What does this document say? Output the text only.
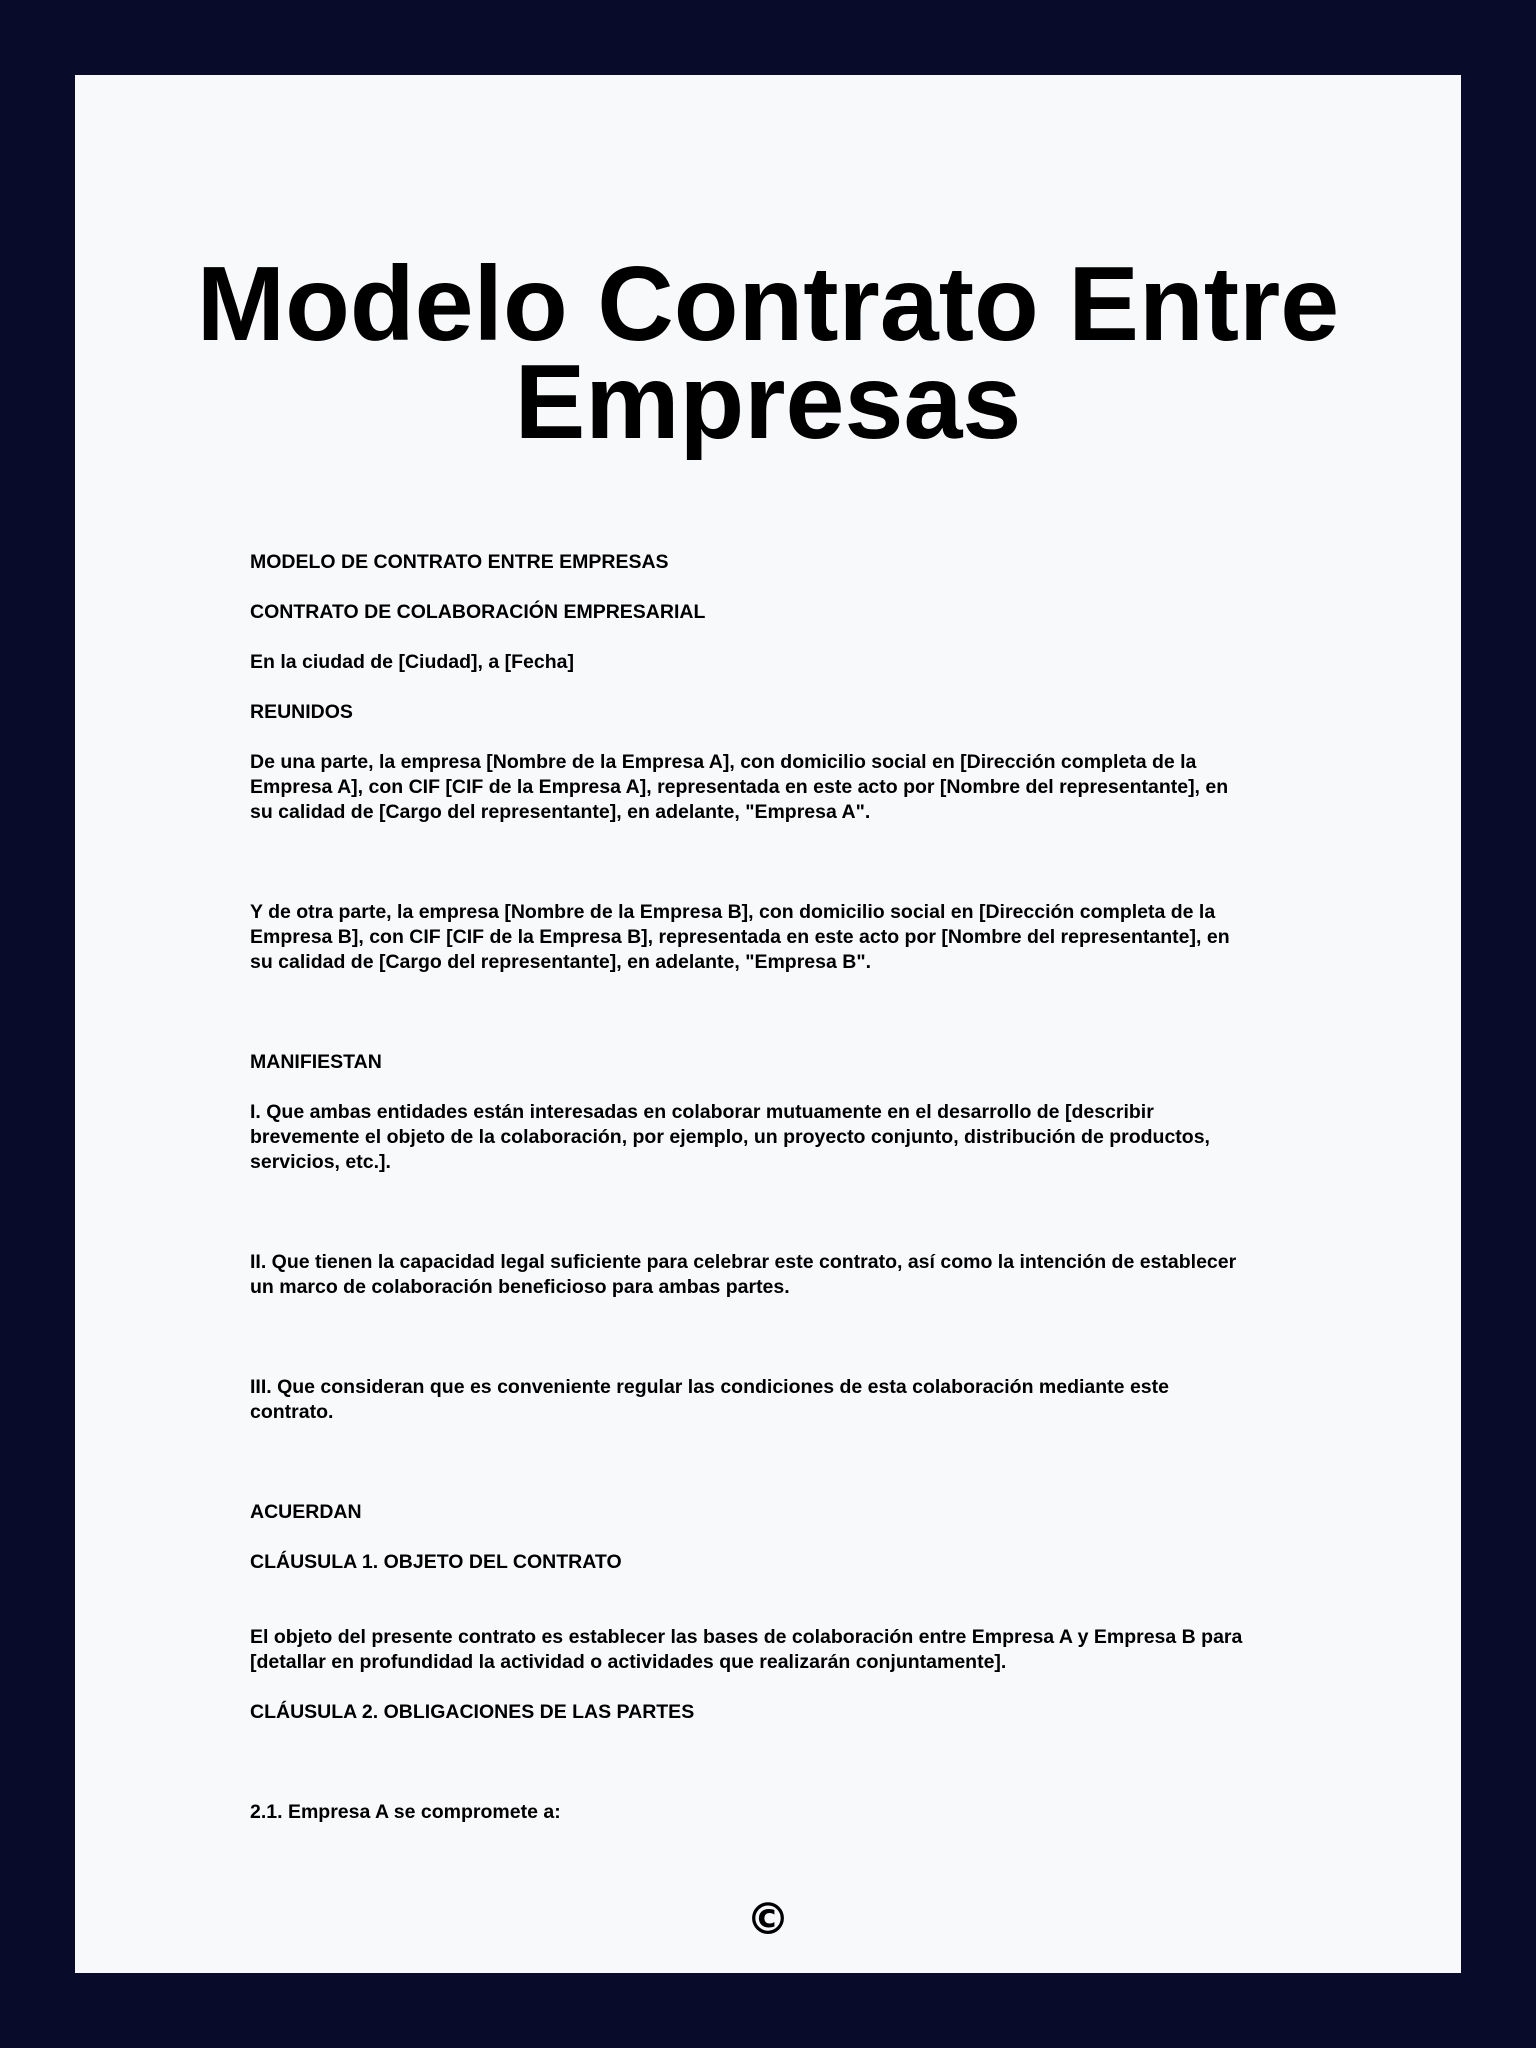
Modelo Contrato Entre
Empresas

MODELO DE CONTRATO ENTRE EMPRESAS

CONTRATO DE COLABORACIÓN EMPRESARIAL

En la ciudad de [Ciudad], a [Fecha]

REUNIDOS

De una parte, la empresa [Nombre de la Empresa A], con domicilio social en [Dirección completa de la
Empresa A], con CIF [CIF de la Empresa A], representada en este acto por [Nombre del representante], en
su calidad de [Cargo del representante], en adelante, "Empresa A".
Y de otra parte, la empresa [Nombre de la Empresa B], con domicilio social en [Dirección completa de la
Empresa B], con CIF [CIF de la Empresa B], representada en este acto por [Nombre del representante], en
su calidad de [Cargo del representante], en adelante, "Empresa B".

MANIFIESTAN

I. Que ambas entidades están interesadas en colaborar mutuamente en el desarrollo de [describir
brevemente el objeto de la colaboración, por ejemplo, un proyecto conjunto, distribución de productos,
servicios, etc.].
II. Que tienen la capacidad legal suficiente para celebrar este contrato, así como la intención de establecer
un marco de colaboración beneficioso para ambas partes.
III. Que consideran que es conveniente regular las condiciones de esta colaboración mediante este
contrato.

ACUERDAN

CLÁUSULA 1. OBJETO DEL CONTRATO

El objeto del presente contrato es establecer las bases de colaboración entre Empresa A y Empresa B para
[detallar en profundidad la actividad o actividades que realizarán conjuntamente].

CLÁUSULA 2. OBLIGACIONES DE LAS PARTES

2.1. Empresa A se compromete a:

©
